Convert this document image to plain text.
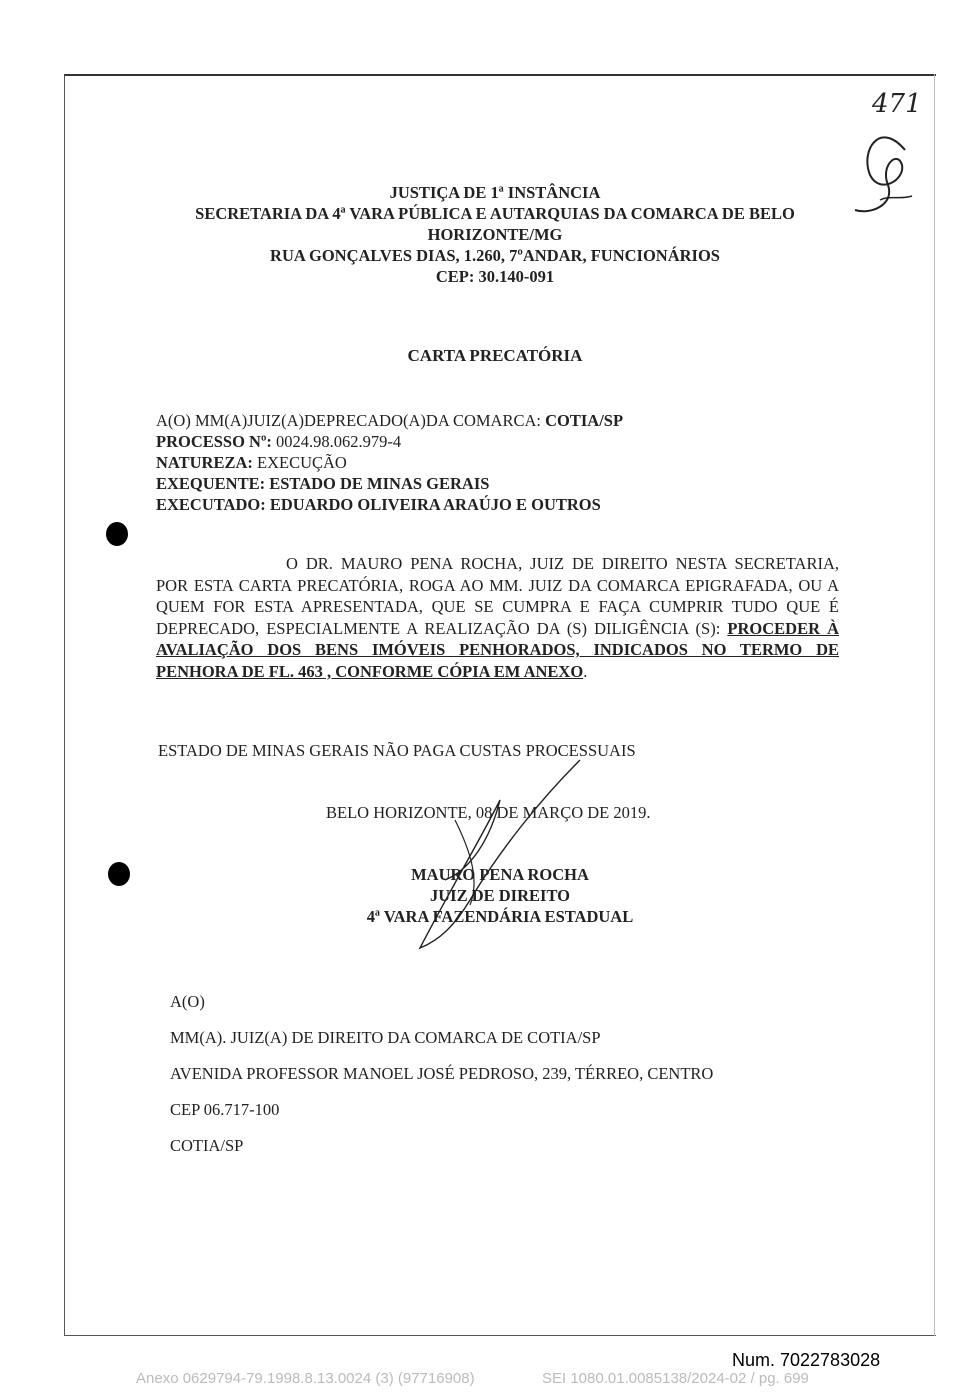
471
JUSTIÇA DE 1ª INSTÂNCIA
SECRETARIA DA 4ª VARA PÚBLICA E AUTARQUIAS DA COMARCA DE BELO
HORIZONTE/MG
RUA GONÇALVES DIAS, 1.260, 7ºANDAR, FUNCIONÁRIOS
CEP: 30.140-091
CARTA PRECATÓRIA
A(O) MM(A)JUIZ(A)DEPRECADO(A)DA COMARCA: COTIA/SP
PROCESSO Nº: 0024.98.062.979-4
NATUREZA: EXECUÇÃO
EXEQUENTE: ESTADO DE MINAS GERAIS
EXECUTADO: EDUARDO OLIVEIRA ARAÚJO E OUTROS
O DR. MAURO PENA ROCHA, JUIZ DE DIREITO NESTA SECRETARIA, POR ESTA CARTA PRECATÓRIA, ROGA AO MM. JUIZ DA COMARCA EPIGRAFADA, OU A QUEM FOR ESTA APRESENTADA, QUE SE CUMPRA E FAÇA CUMPRIR TUDO QUE É DEPRECADO, ESPECIALMENTE A REALIZAÇÃO DA (S) DILIGÊNCIA (S): PROCEDER À AVALIAÇÃO DOS BENS IMÓVEIS PENHORADOS, INDICADOS NO TERMO DE PENHORA DE FL. 463 , CONFORME CÓPIA EM ANEXO.
ESTADO DE MINAS GERAIS NÃO PAGA CUSTAS PROCESSUAIS
BELO HORIZONTE, 08 DE MARÇO DE 2019.
MAURO PENA ROCHA
JUIZ DE DIREITO
4ª VARA FAZENDÁRIA ESTADUAL
A(O)
MM(A). JUIZ(A) DE DIREITO DA COMARCA DE COTIA/SP
AVENIDA PROFESSOR MANOEL JOSÉ PEDROSO, 239, TÉRREO, CENTRO
CEP 06.717-100
COTIA/SP
Num. 7022783028
Anexo 0629794-79.1998.8.13.0024 (3) (97716908)	SEI 1080.01.0085138/2024-02 / pg. 699
